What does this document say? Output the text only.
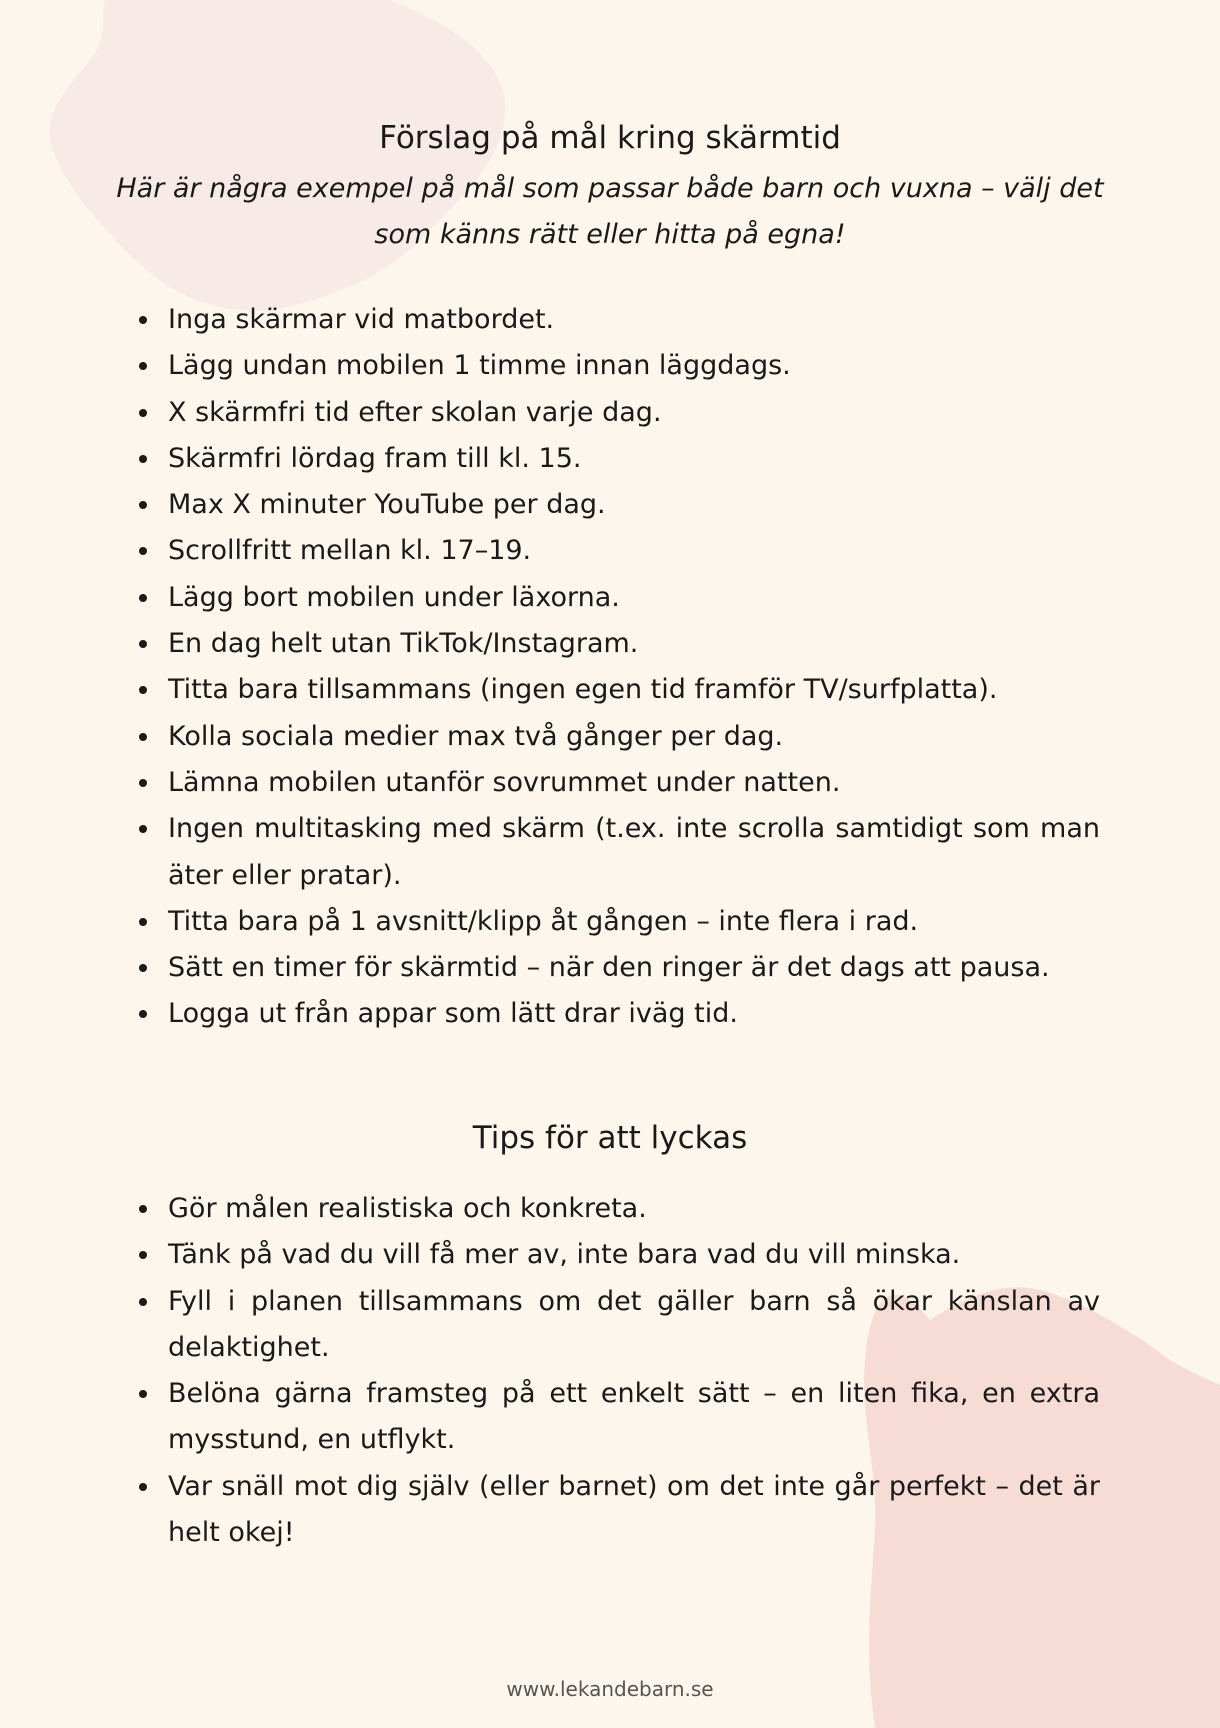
Förslag på mål kring skärmtid

Här är några exempel på mål som passar både barn och vuxna – välj det som känns rätt eller hitta på egna!

Inga skärmar vid matbordet.
Lägg undan mobilen 1 timme innan läggdags.
X skärmfri tid efter skolan varje dag.
Skärmfri lördag fram till kl. 15.
Max X minuter YouTube per dag.
Scrollfritt mellan kl. 17–19.
Lägg bort mobilen under läxorna.
En dag helt utan TikTok/Instagram.
Titta bara tillsammans (ingen egen tid framför TV/surfplatta).
Kolla sociala medier max två gånger per dag.
Lämna mobilen utanför sovrummet under natten.
Ingen multitasking med skärm (t.ex. inte scrolla samtidigt som man äter eller pratar).
Titta bara på 1 avsnitt/klipp åt gången – inte flera i rad.
Sätt en timer för skärmtid – när den ringer är det dags att pausa.
Logga ut från appar som lätt drar iväg tid.
Tips för att lyckas
Gör målen realistiska och konkreta.
Tänk på vad du vill få mer av, inte bara vad du vill minska.
Fyll i planen tillsammans om det gäller barn så ökar känslan av delaktighet.
Belöna gärna framsteg på ett enkelt sätt – en liten fika, en extra mysstund, en utflykt.
Var snäll mot dig själv (eller barnet) om det inte går perfekt – det är helt okej!
www.lekandebarn.se
